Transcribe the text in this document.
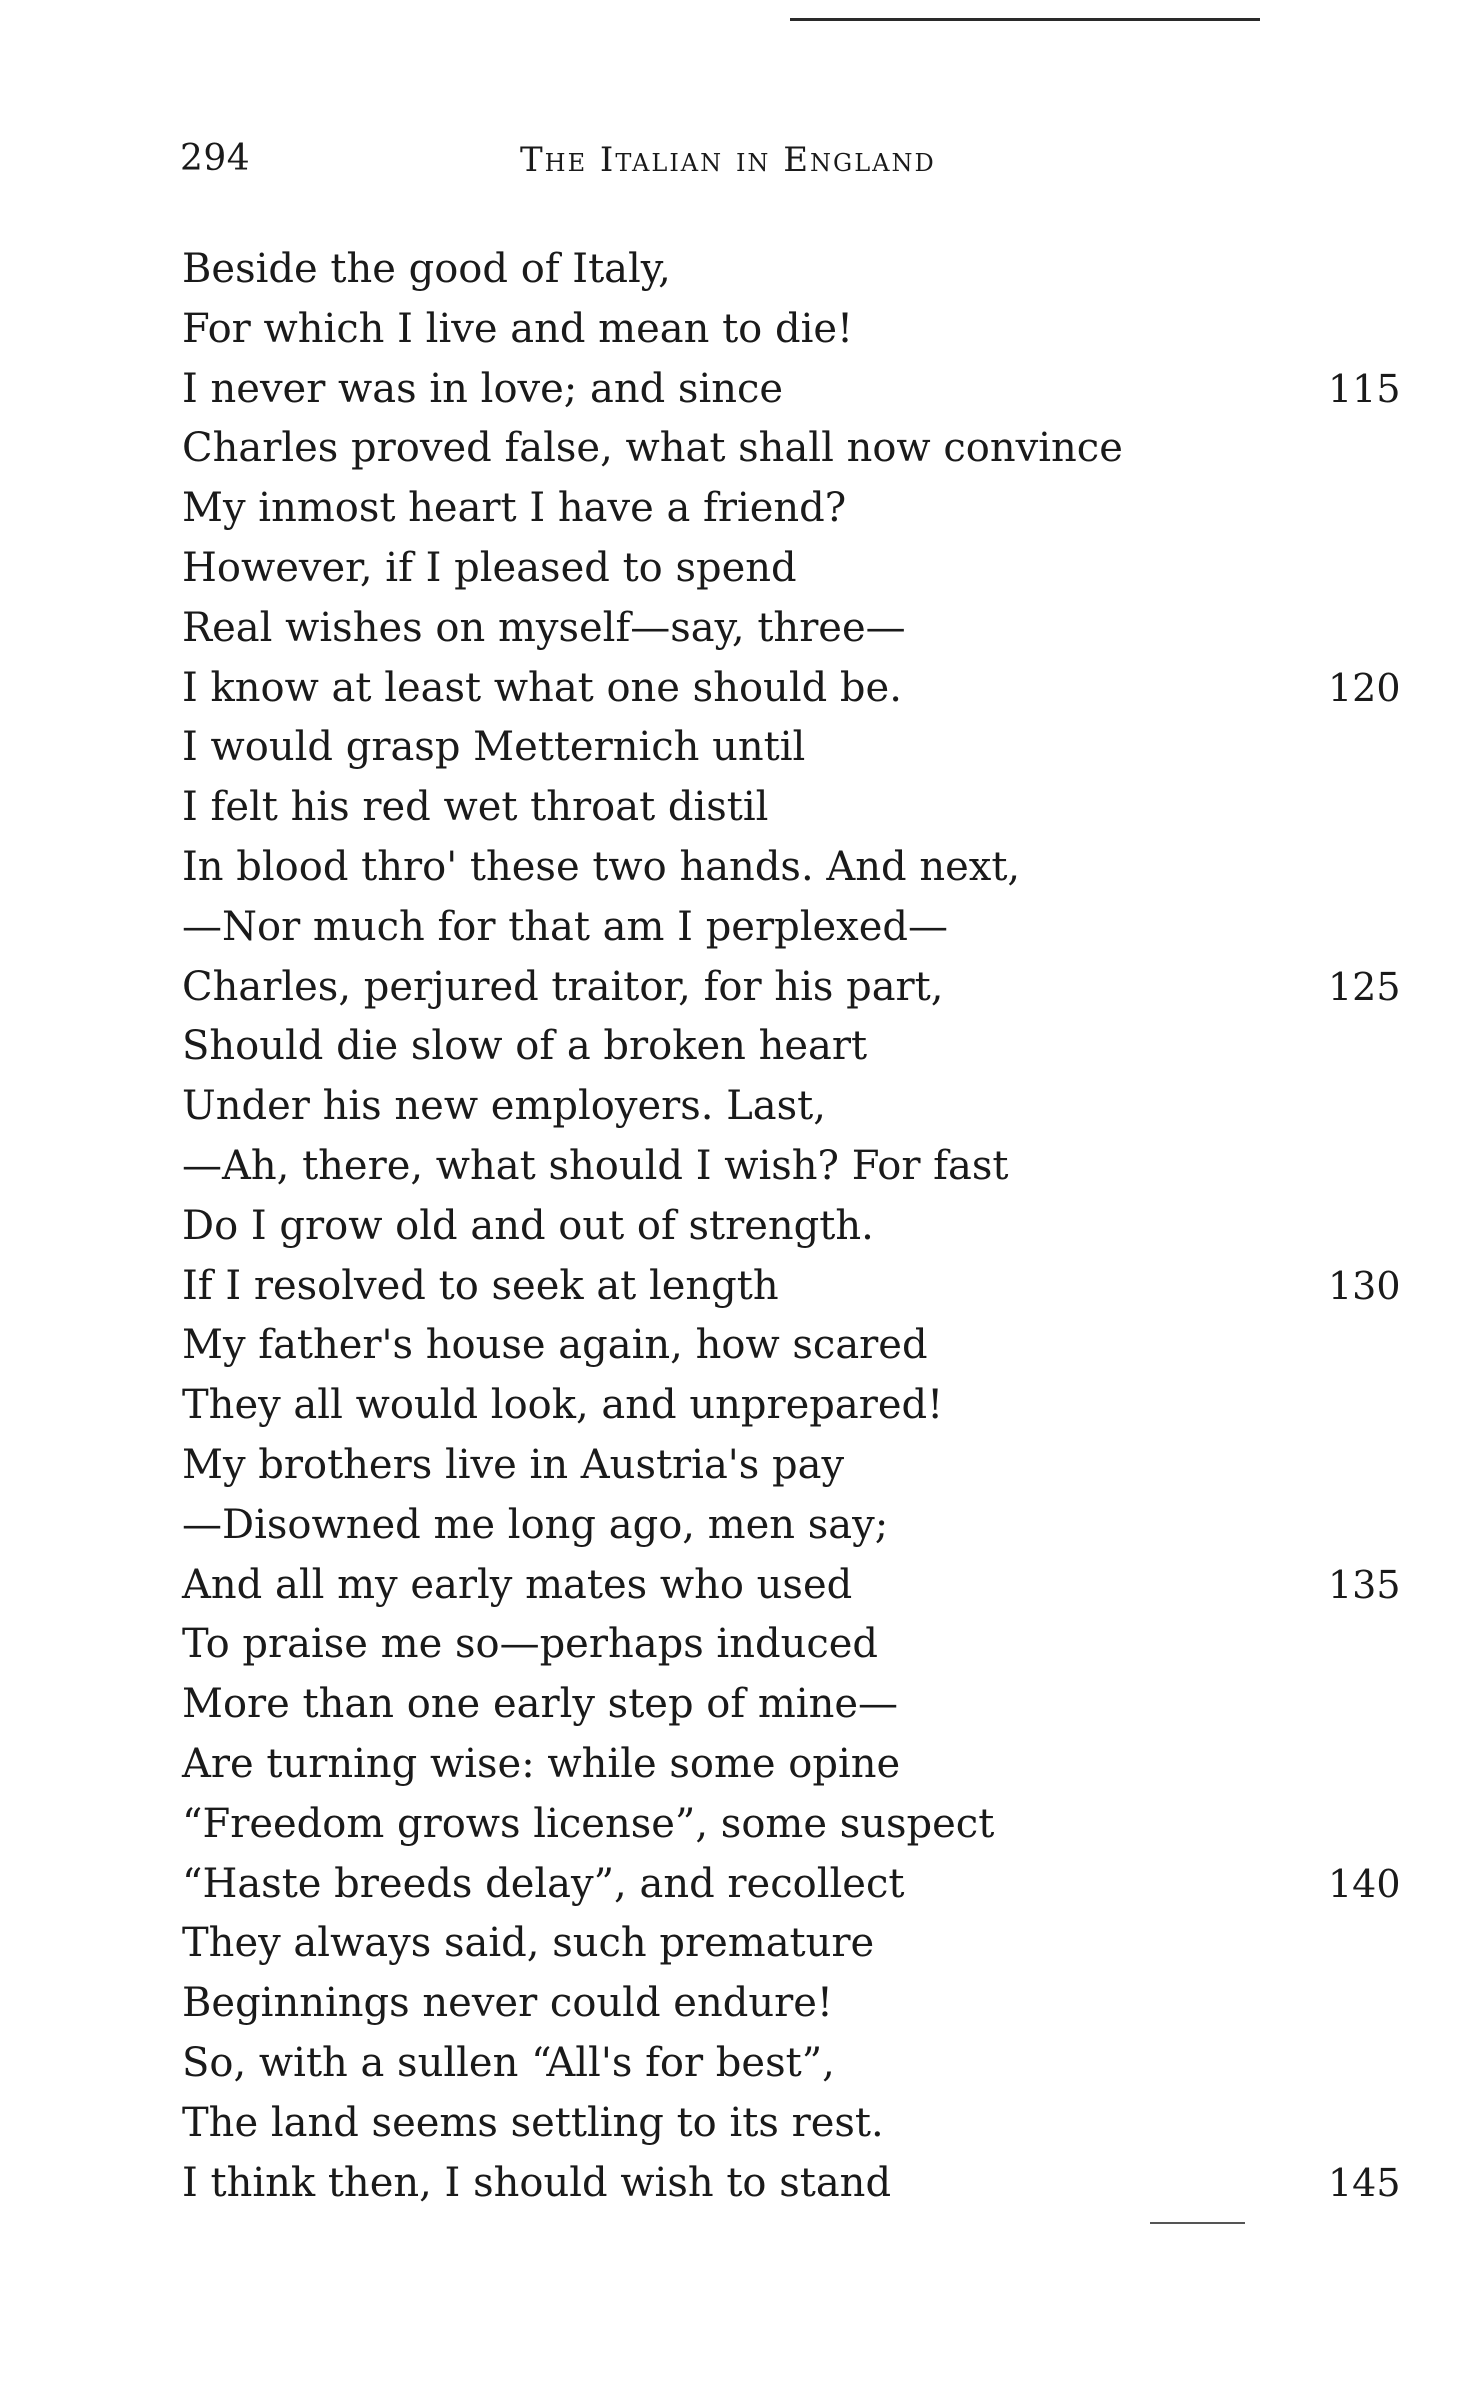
294	The Italian in England
Beside the good of Italy,
For which I live and mean to die!
I never was in love; and since	115
Charles proved false, what shall now convince
My inmost heart I have a friend?
However, if I pleased to spend
Real wishes on myself—say, three—
I know at least what one should be.	120
I would grasp Metternich until
I felt his red wet throat distil
In blood thro' these two hands. And next,
—Nor much for that am I perplexed—
Charles, perjured traitor, for his part,	125
Should die slow of a broken heart
Under his new employers. Last,
—Ah, there, what should I wish? For fast
Do I grow old and out of strength.
If I resolved to seek at length	130
My father's house again, how scared
They all would look, and unprepared!
My brothers live in Austria's pay
—Disowned me long ago, men say;
And all my early mates who used	135
To praise me so—perhaps induced
More than one early step of mine—
Are turning wise: while some opine
“Freedom grows license”, some suspect
“Haste breeds delay”, and recollect	140
They always said, such premature
Beginnings never could endure!
So, with a sullen “All's for best”,
The land seems settling to its rest.
I think then, I should wish to stand	145
